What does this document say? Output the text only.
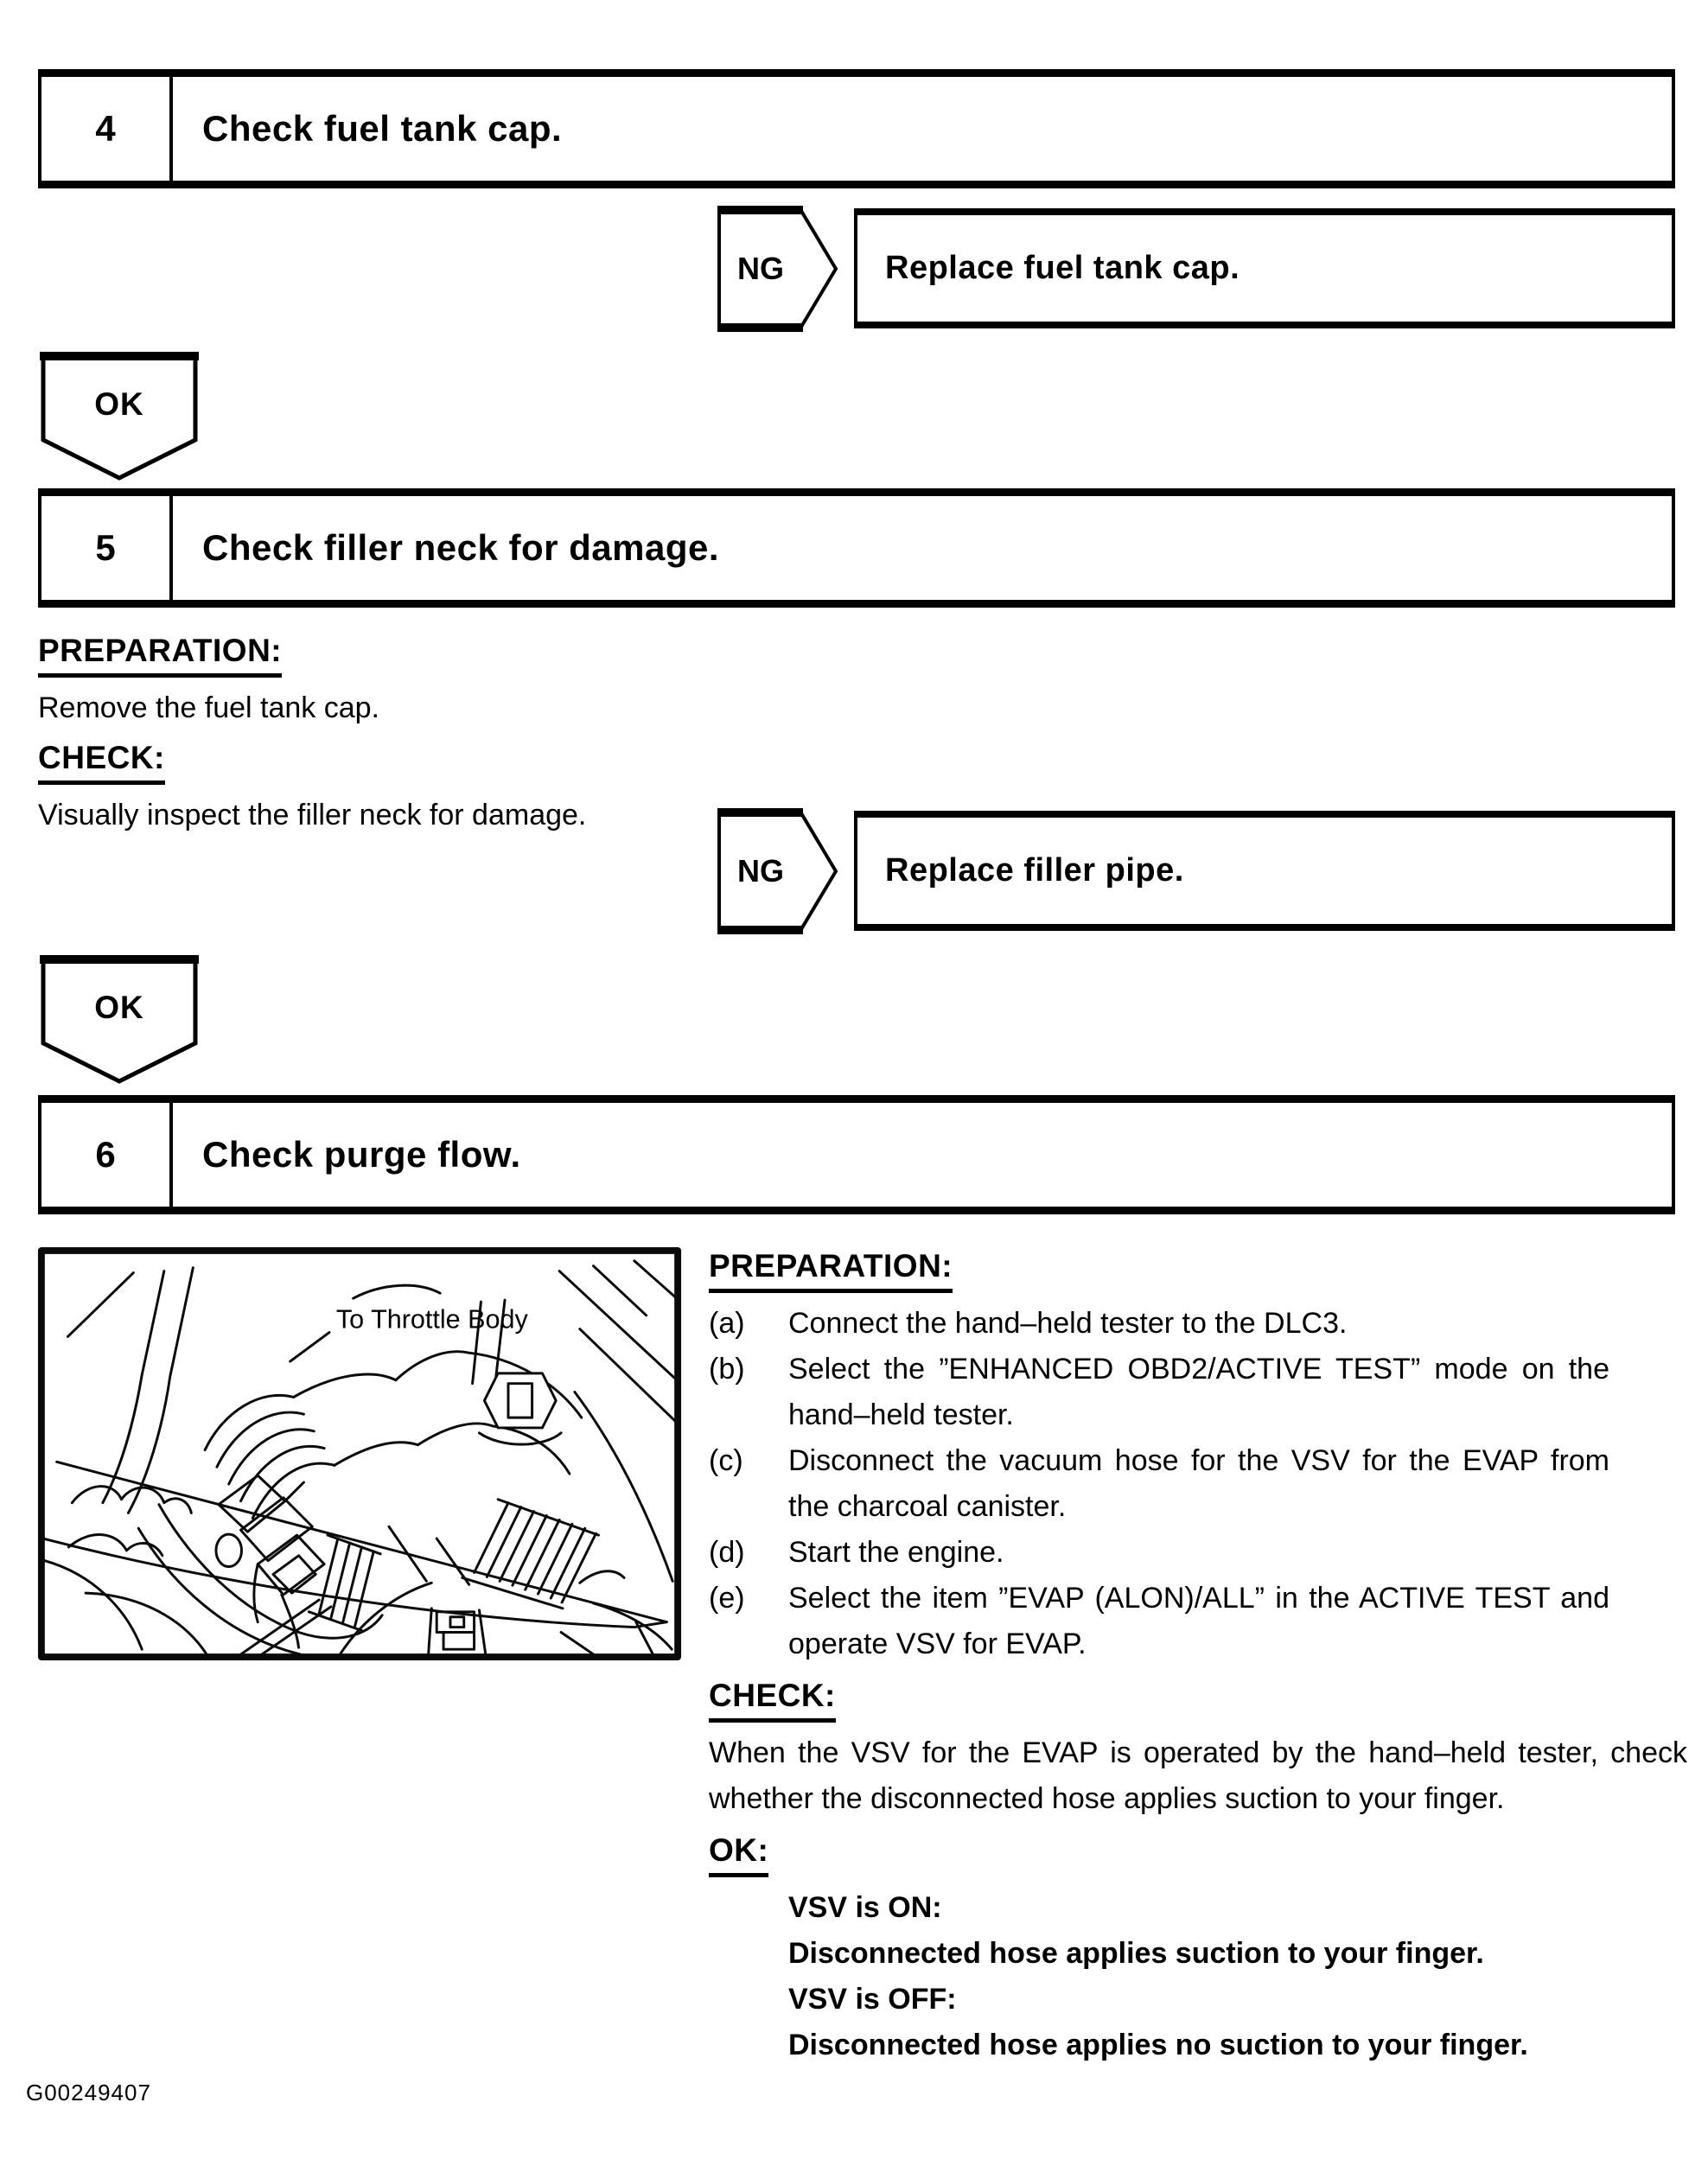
4	Check fuel tank cap.
NG	Replace fuel tank cap.
OK
5	Check filler neck for damage.
PREPARATION:
Remove the fuel tank cap.
CHECK:
Visually inspect the filler neck for damage.
NG	Replace filler pipe.
OK
6	Check purge flow.
To Throttle Body
PREPARATION:
(a)	Connect the hand–held tester to the DLC3.
(b)	Select the ”ENHANCED OBD2/ACTIVE TEST” mode on the hand–held tester.
(c)	Disconnect the vacuum hose for the VSV for the EVAP from the charcoal canister.
(d)	Start the engine.
(e)	Select the item ”EVAP (ALON)/ALL” in the ACTIVE TEST and operate VSV for EVAP.
CHECK:
When the VSV for the EVAP is operated by the hand–held tester, check whether the disconnected hose applies suction to your finger.
OK:
VSV is ON:
Disconnected hose applies suction to your finger.
VSV is OFF:
Disconnected hose applies no suction to your finger.
G00249407
